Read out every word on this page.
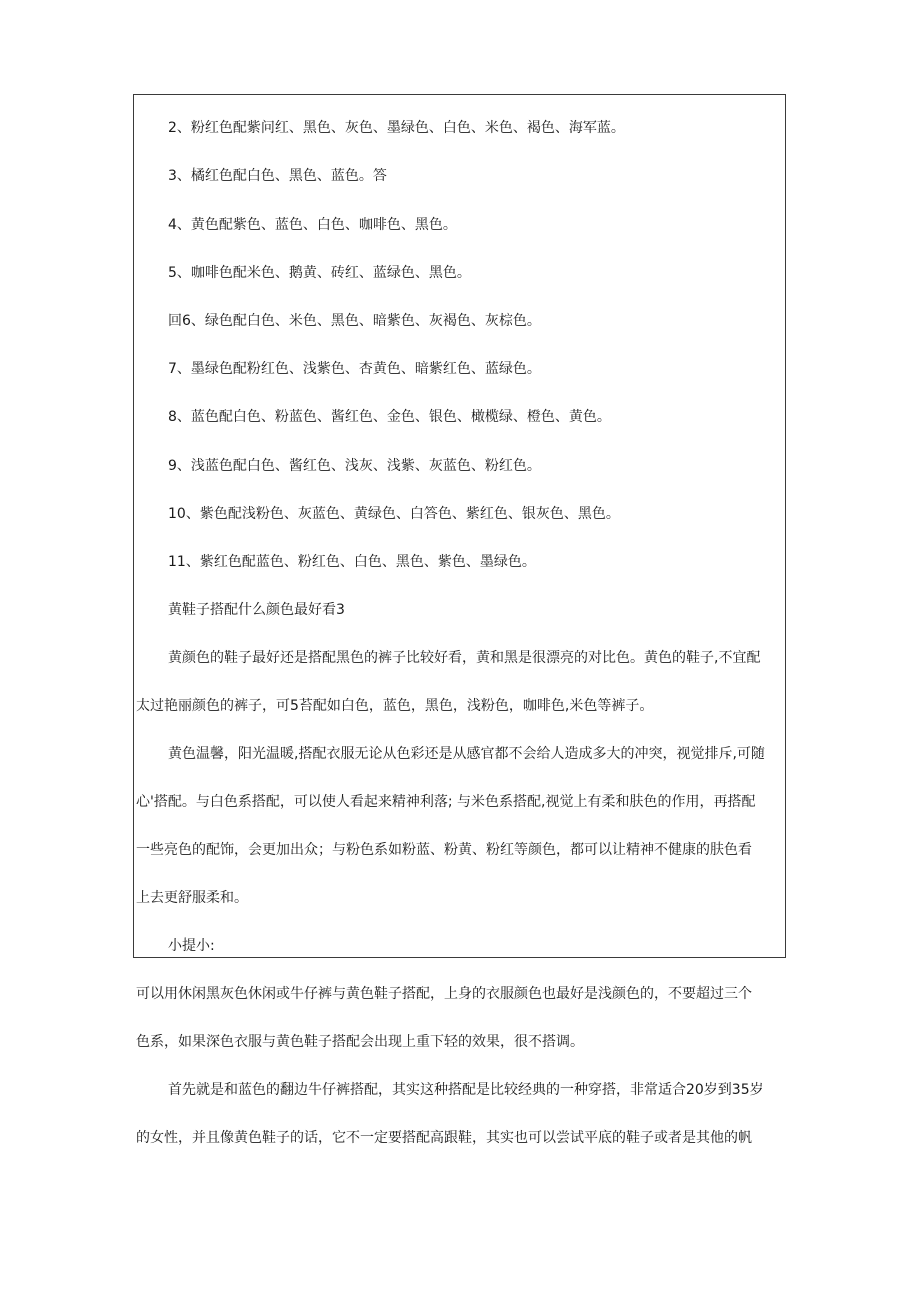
2、粉红色配紫问红、黑色、灰色、墨绿色、白色、米色、褐色、海军蓝。
3、橘红色配白色、黑色、蓝色。答
4、黄色配紫色、蓝色、白色、咖啡色、黑色。
5、咖啡色配米色、鹅黄、砖红、蓝绿色、黑色。
回6、绿色配白色、米色、黑色、暗紫色、灰褐色、灰棕色。
7、墨绿色配粉红色、浅紫色、杏黄色、暗紫红色、蓝绿色。
8、蓝色配白色、粉蓝色、酱红色、金色、银色、橄榄绿、橙色、黄色。
9、浅蓝色配白色、酱红色、浅灰、浅紫、灰蓝色、粉红色。
10、紫色配浅粉色、灰蓝色、黄绿色、白答色、紫红色、银灰色、黑色。
11、紫红色配蓝色、粉红色、白色、黑色、紫色、墨绿色。
黄鞋子搭配什么颜色最好看3
黄颜色的鞋子最好还是搭配黑色的裤子比较好看，黄和黑是很漂亮的对比色。黄色的鞋子,不宜配
太过艳丽颜色的裤子，可5苔配如白色，蓝色，黑色，浅粉色，咖啡色,米色等裤子。
黄色温馨，阳光温暖,搭配衣服无论从色彩还是从感官都不会给人造成多大的冲突，视觉排斥,可随
心'搭配。与白色系搭配，可以使人看起来精神利落; 与米色系搭配,视觉上有柔和肤色的作用，再搭配
一些亮色的配饰，会更加出众；与粉色系如粉蓝、粉黄、粉红等颜色，都可以让精神不健康的肤色看
上去更舒服柔和。
小提小:
可以用休闲黑灰色休闲或牛仔裤与黄色鞋子搭配，上身的衣服颜色也最好是浅颜色的，不要超过三个
色系，如果深色衣服与黄色鞋子搭配会出现上重下轻的效果，很不搭调。
首先就是和蓝色的翻边牛仔裤搭配，其实这种搭配是比较经典的一种穿搭，非常适合20岁到35岁
的女性，并且像黄色鞋子的话，它不一定要搭配高跟鞋，其实也可以尝试平底的鞋子或者是其他的帆
